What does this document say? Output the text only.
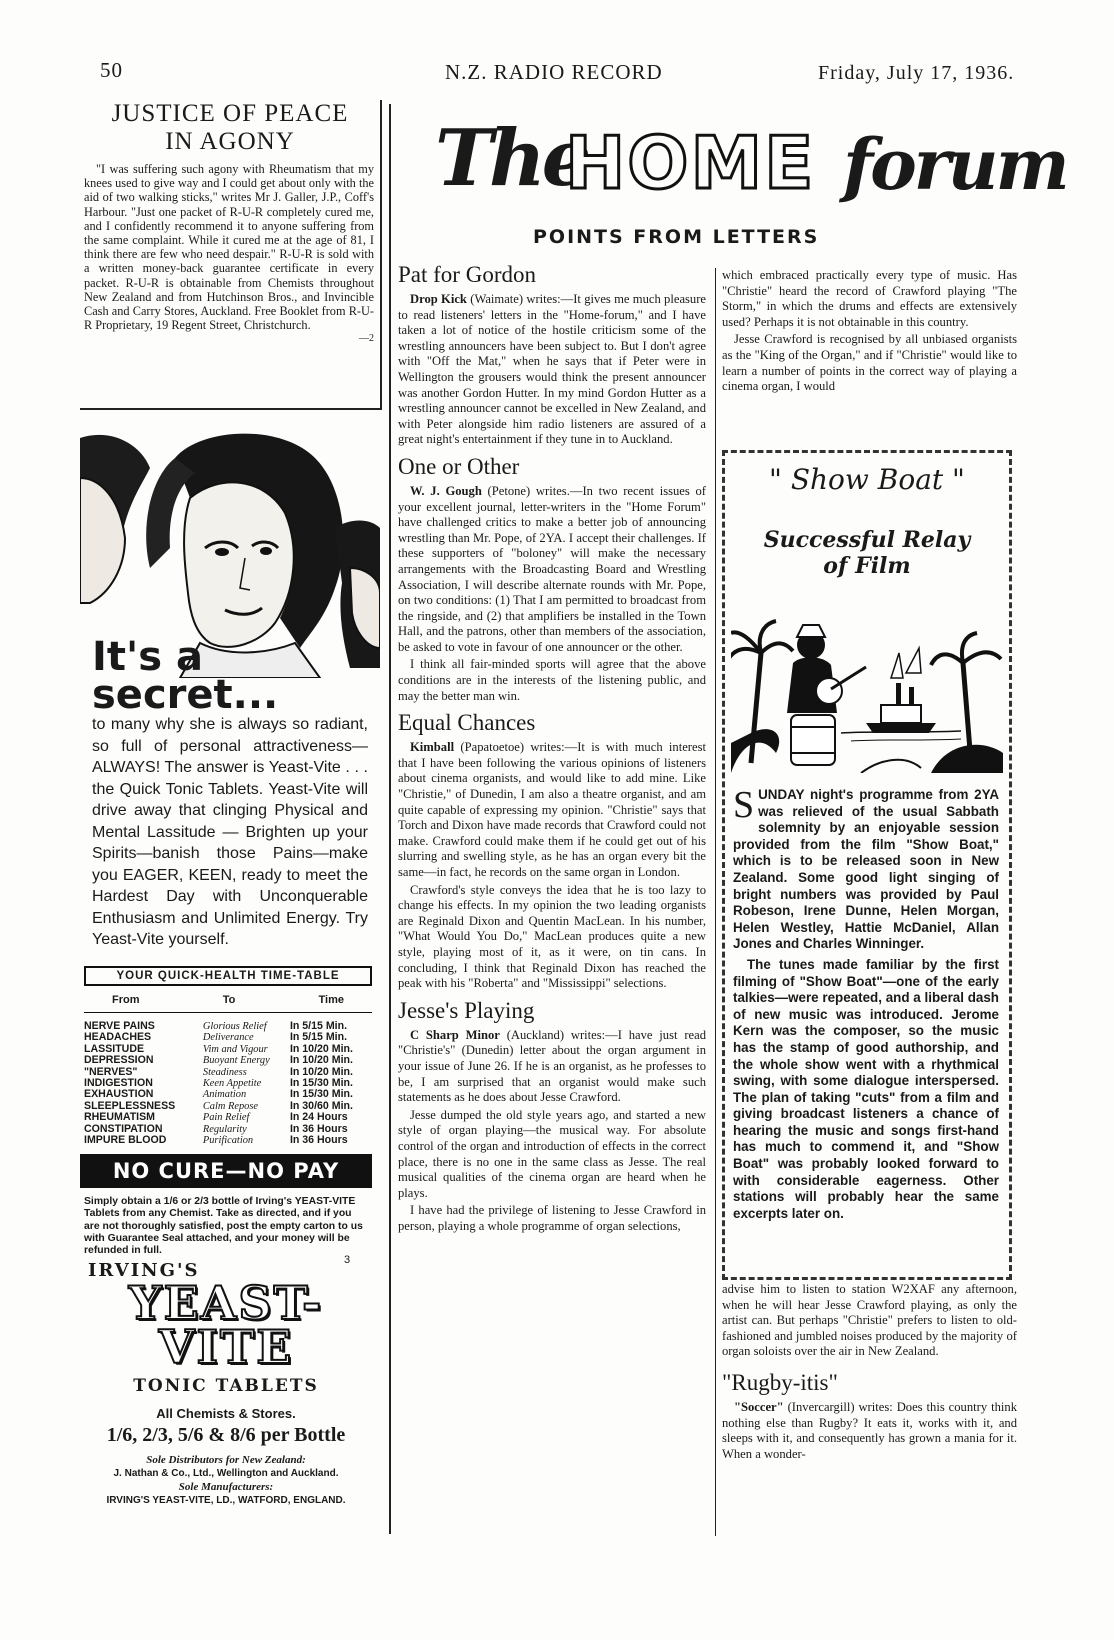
50	N.Z. RADIO RECORD	Friday, July 17, 1936.
JUSTICE OF PEACE
IN AGONY

"I was suffering such agony with Rheumatism that my knees used to give way and I could get about only with the aid of two walking sticks," writes Mr J. Galler, J.P., Coff's Harbour. "Just one packet of R-U-R completely cured me, and I confidently recommend it to anyone suffering from the same complaint. While it cured me at the age of 81, I think there are few who need despair." R-U-R is sold with a written money-back guarantee certificate in every packet. R-U-R is obtainable from Chemists throughout New Zealand and from Hutchinson Bros., and Invincible Cash and Carry Stores, Auckland. Free Booklet from R-U-R Proprietary, 19 Regent Street, Christchurch.

—2
It's a
secret...
to many why she is always so radiant, so full of personal attractiveness—ALWAYS! The answer is Yeast-Vite . . . the Quick Tonic Tablets. Yeast-Vite will drive away that clinging Physical and Mental Lassitude — Brighten up your Spirits—banish those Pains—make you EAGER, KEEN, ready to meet the Hardest Day with Unconquerable Enthusiasm and Unlimited Energy. Try Yeast-Vite yourself.
YOUR QUICK-HEALTH TIME-TABLE
From	To	Time
NERVE PAINS	Glorious Relief	In 5/15 Min.
HEADACHES	Deliverance	In 5/15 Min.
LASSITUDE	Vim and Vigour	In 10/20 Min.
DEPRESSION	Buoyant Energy	In 10/20 Min.
"NERVES"	Steadiness	In 10/20 Min.
INDIGESTION	Keen Appetite	In 15/30 Min.
EXHAUSTION	Animation	In 15/30 Min.
SLEEPLESSNESS	Calm Repose	In 30/60 Min.
RHEUMATISM	Pain Relief	In 24 Hours
CONSTIPATION	Regularity	In 36 Hours
IMPURE BLOOD	Purification	In 36 Hours
NO CURE—NO PAY
Simply obtain a 1/6 or 2/3 bottle of Irving's YEAST-VITE Tablets from any Chemist. Take as directed, and if you are not thoroughly satisfied, post the empty carton to us with Guarantee Seal attached, and your money will be refunded in full.
IRVING'S	3
YEAST-
VITE
TONIC TABLETS
All Chemists & Stores.
1/6, 2/3, 5/6 & 8/6 per Bottle
Sole Distributors for New Zealand:
J. Nathan & Co., Ltd., Wellington and Auckland.
Sole Manufacturers:
IRVING'S YEAST-VITE, LD., WATFORD, ENGLAND.
The
HOME forum
POINTS FROM LETTERS
Pat for Gordon

Drop Kick (Waimate) writes:—It gives me much pleasure to read listeners' letters in the "Home-forum," and I have taken a lot of notice of the hostile criticism some of the wrestling announcers have been subject to. But I don't agree with "Off the Mat," when he says that if Peter were in Wellington the grousers would think the present announcer was another Gordon Hutter. In my mind Gordon Hutter as a wrestling announcer cannot be excelled in New Zealand, and with Peter alongside him radio listeners are assured of a great night's entertainment if they tune in to Auckland.

One or Other

W. J. Gough (Petone) writes.—In two recent issues of your excellent journal, letter-writers in the "Home Forum" have challenged critics to make a better job of announcing wrestling than Mr. Pope, of 2YA. I accept their challenges. If these supporters of "boloney" will make the necessary arrangements with the Broadcasting Board and Wrestling Association, I will describe alternate rounds with Mr. Pope, on two conditions: (1) That I am permitted to broadcast from the ringside, and (2) that amplifiers be installed in the Town Hall, and the patrons, other than members of the association, be asked to vote in favour of one announcer or the other.

I think all fair-minded sports will agree that the above conditions are in the interests of the listening public, and may the better man win.

Equal Chances

Kimball (Papatoetoe) writes:—It is with much interest that I have been following the various opinions of listeners about cinema organists, and would like to add mine. Like "Christie," of Dunedin, I am also a theatre organist, and am quite capable of expressing my opinion. "Christie" says that Torch and Dixon have made records that Crawford could not make. Crawford could make them if he could get out of his slurring and swelling style, as he has an organ every bit the same—in fact, he records on the same organ in London.

Crawford's style conveys the idea that he is too lazy to change his effects. In my opinion the two leading organists are Reginald Dixon and Quentin MacLean. In his number, "What Would You Do," MacLean produces quite a new style, playing most of it, as it were, on tin cans. In concluding, I think that Reginald Dixon has reached the peak with his "Roberta" and "Mississippi" selections.

Jesse's Playing

C Sharp Minor (Auckland) writes:—I have just read "Christie's" (Dunedin) letter about the organ argument in your issue of June 26. If he is an organist, as he professes to be, I am surprised that an organist would make such statements as he does about Jesse Crawford.

Jesse dumped the old style years ago, and started a new style of organ playing—the musical way. For absolute control of the organ and introduction of effects in the correct place, there is no one in the same class as Jesse. The real musical qualities of the cinema organ are heard when he plays.

I have had the privilege of listening to Jesse Crawford in person, playing a whole programme of organ selections,

which embraced practically every type of music. Has "Christie" heard the record of Crawford playing "The Storm," in which the drums and effects are extensively used? Perhaps it is not obtainable in this country.

Jesse Crawford is recognised by all unbiased organists as the "King of the Organ," and if "Christie" would like to learn a number of points in the correct way of playing a cinema organ, I would

" Show Boat "
Successful Relay
of Film

SUNDAY night's programme from 2YA was relieved of the usual Sabbath solemnity by an enjoyable session provided from the film "Show Boat," which is to be released soon in New Zealand. Some good light singing of bright numbers was provided by Paul Robeson, Irene Dunne, Helen Morgan, Helen Westley, Hattie McDaniel, Allan Jones and Charles Winninger.

The tunes made familiar by the first filming of "Show Boat"—one of the early talkies—were repeated, and a liberal dash of new music was introduced. Jerome Kern was the composer, so the music has the stamp of good authorship, and the whole show went with a rhythmical swing, with some dialogue interspersed. The plan of taking "cuts" from a film and giving broadcast listeners a chance of hearing the music and songs first-hand has much to commend it, and "Show Boat" was probably looked forward to with considerable eagerness. Other stations will probably hear the same excerpts later on.

advise him to listen to station W2XAF any afternoon, when he will hear Jesse Crawford playing, as only the artist can. But perhaps "Christie" prefers to listen to old-fashioned and jumbled noises produced by the majority of organ soloists over the air in New Zealand.

"Rugby-itis"

"Soccer" (Invercargill) writes: Does this country think nothing else than Rugby? It eats it, works with it, and sleeps with it, and consequently has grown a mania for it. When a wonder-
